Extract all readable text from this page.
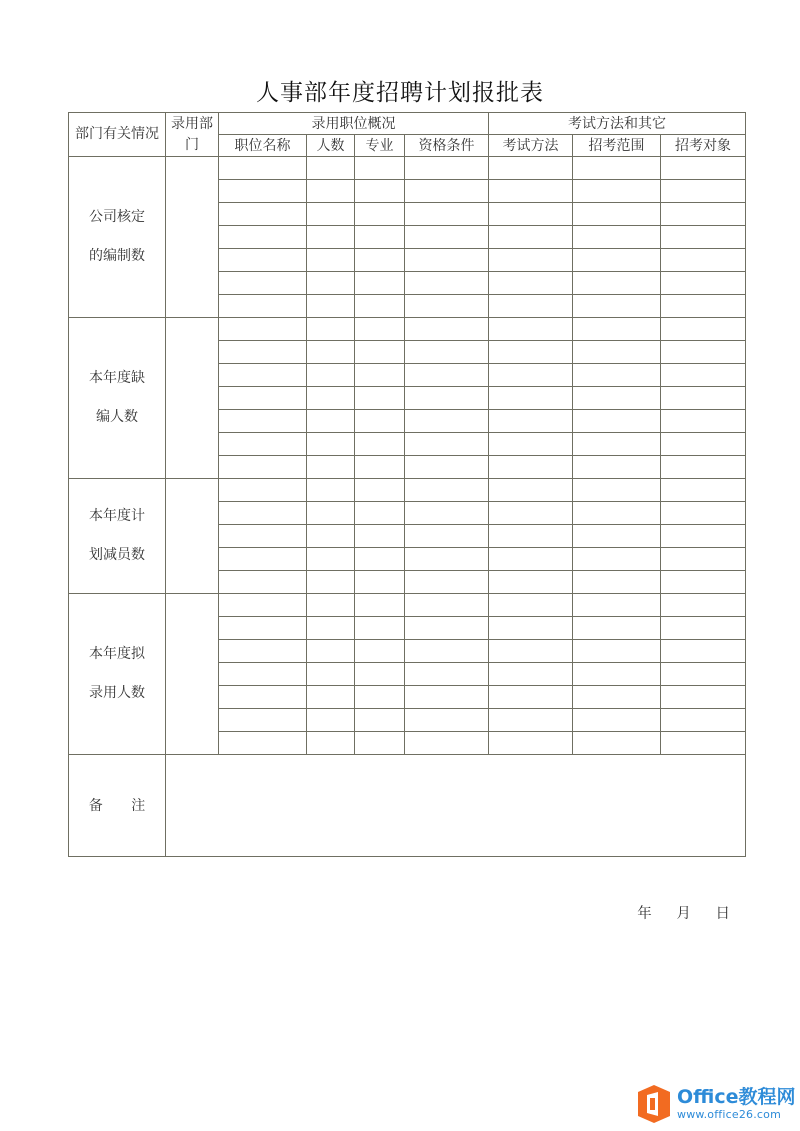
人事部年度招聘计划报批表
部门有关情况	录用部门	录用职位概况				考试方法和其它		
		职位名称	人数	专业	资格条件	考试方法	招考范围	招考对象
公司核定的编制数								

本年度缺编人数								

本年度计划减员数								

本年度拟录用人数								

备 注								
年 月 日
Office教程网
www.office26.com
